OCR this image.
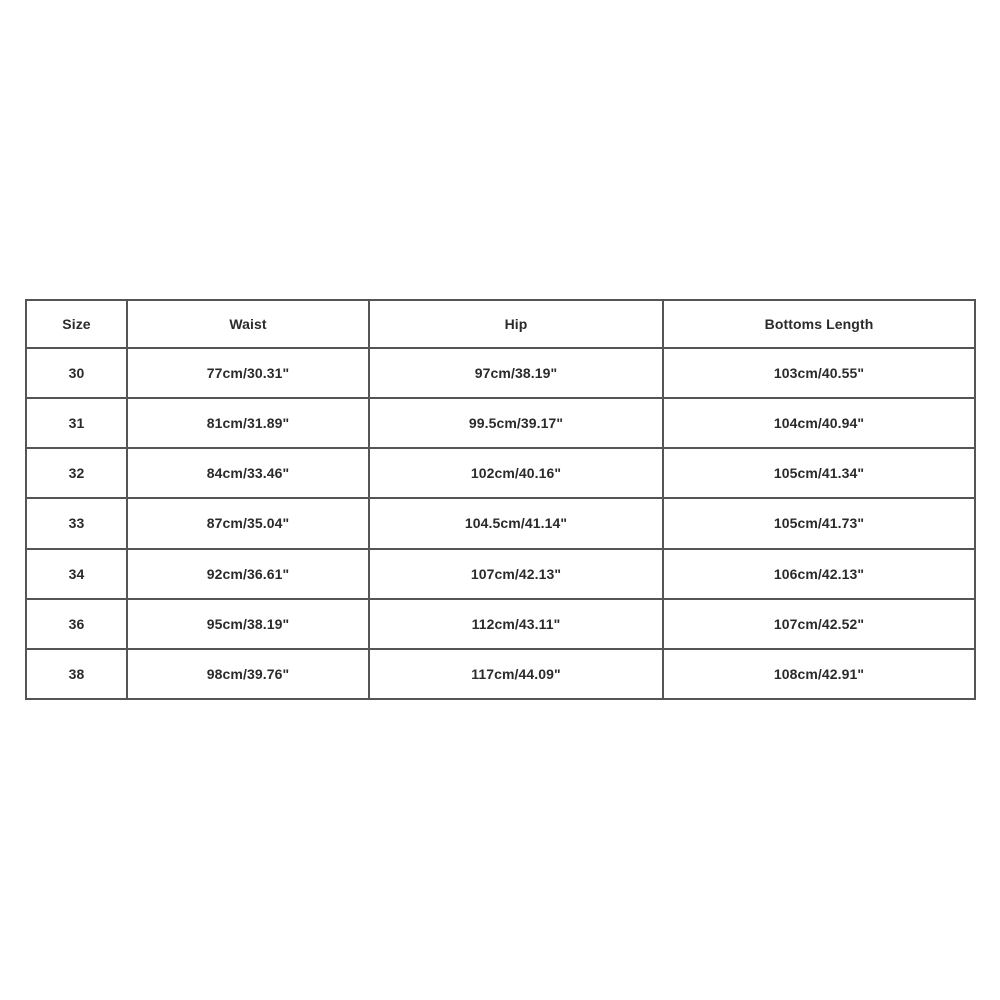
Size	Waist	Hip	Bottoms Length
30	77cm/30.31"	97cm/38.19"	103cm/40.55"
31	81cm/31.89"	99.5cm/39.17"	104cm/40.94"
32	84cm/33.46"	102cm/40.16"	105cm/41.34"
33	87cm/35.04"	104.5cm/41.14"	105cm/41.73"
34	92cm/36.61"	107cm/42.13"	106cm/42.13"
36	95cm/38.19"	112cm/43.11"	107cm/42.52"
38	98cm/39.76"	117cm/44.09"	108cm/42.91"
